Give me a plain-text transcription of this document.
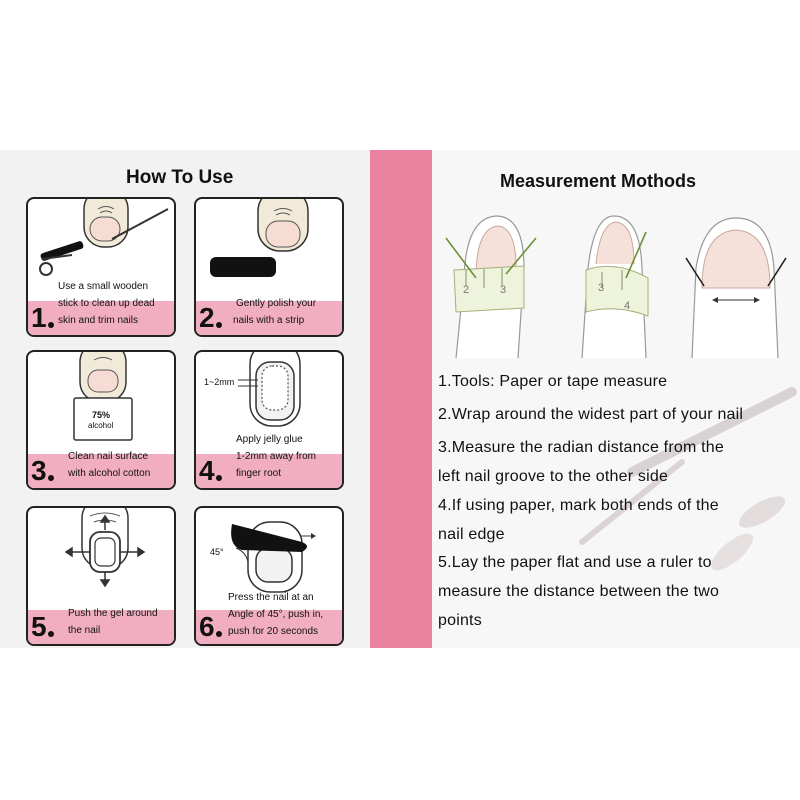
How To Use
Use a small wooden
1 stick to clean up dead
skin and trim nails 2 Gently polish your
nails with a strip
75%
alcohol
3 Clean nail surface
with alcohol cotton
1~2mm
Apply jelly glue
4 1-2mm away from
finger root
5 Push the gel around
the nail
45°
Press the nail at an
6 Angle of 45°, push in,
push for 20 seconds
Measurement Mothods
2	3	3
4
1.Tools: Paper or tape measure
2.Wrap around the widest part of your nail
3.Measure the radian distance from the
left nail groove to the other side
4.If using paper, mark both ends of the
nail edge
5.Lay the paper flat and use a ruler to
measure the distance between the two
points
